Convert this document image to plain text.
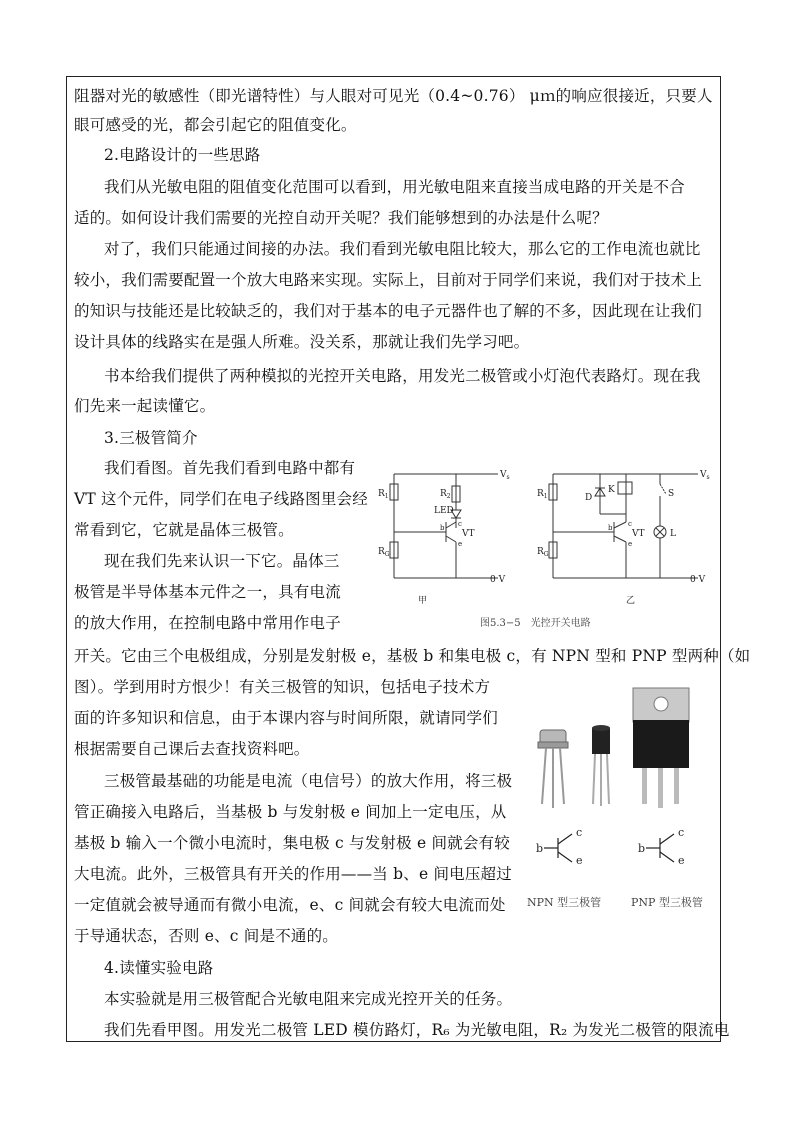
阻器对光的敏感性（即光谱特性）与人眼对可见光（0.4~0.76） μｍ的响应很接近，只要人
眼可感受的光，都会引起它的阻值变化。
2.电路设计的一些思路
我们从光敏电阻的阻值变化范围可以看到，用光敏电阻来直接当成电路的开关是不合
适的。如何设计我们需要的光控自动开关呢？我们能够想到的办法是什么呢？
对了，我们只能通过间接的办法。我们看到光敏电阻比较大，那么它的工作电流也就比
较小，我们需要配置一个放大电路来实现。实际上，目前对于同学们来说，我们对于技术上
的知识与技能还是比较缺乏的，我们对于基本的电子元器件也了解的不多，因此现在让我们
设计具体的线路实在是强人所难。没关系，那就让我们先学习吧。
书本给我们提供了两种模拟的光控开关电路，用发光二极管或小灯泡代表路灯。现在我
们先来一起读懂它。
3.三极管简介
我们看图。首先我们看到电路中都有
VT 这个元件，同学们在电子线路图里会经
常看到它，它就是晶体三极管。
现在我们先来认识一下它。晶体三
极管是半导体基本元件之一，具有电流
的放大作用，在控制电路中常用作电子
开关。它由三个电极组成，分别是发射极 e，基极 b 和集电极 c，有 NPN 型和 PNP 型两种（如
图）。学到用时方恨少！有关三极管的知识，包括电子技术方
面的许多知识和信息，由于本课内容与时间所限，就请同学们
根据需要自己课后去查找资料吧。
三极管最基础的功能是电流（电信号）的放大作用，将三极
管正确接入电路后，当基极 b 与发射极 e 间加上一定电压，从
基极 b 输入一个微小电流时，集电极 c 与发射极 e 间就会有较
大电流。此外，三极管具有开关的作用——当 b、e 间电压超过
一定值就会被导通而有微小电流，e、c 间就会有较大电流而处
于导通状态，否则 e、c 间是不通的。
4.读懂实验电路
本实验就是用三极管配合光敏电阻来完成光控开关的任务。
我们先看甲图。用发光二极管 LED 模仿路灯，R₆ 为光敏电阻，R₂ 为发光二极管的限流电
$V_s$
0 V
$R_1$	$R_2$
$R_G$
LED
VT
b c
e
甲
$V_s$
0 V
$R_1$
$R_G$
D
K	S
L
VT
b c
e
乙
图5.3−5　光控开关电路
b
c
e
b
c
e
NPN 型三极管	PNP 型三极管
